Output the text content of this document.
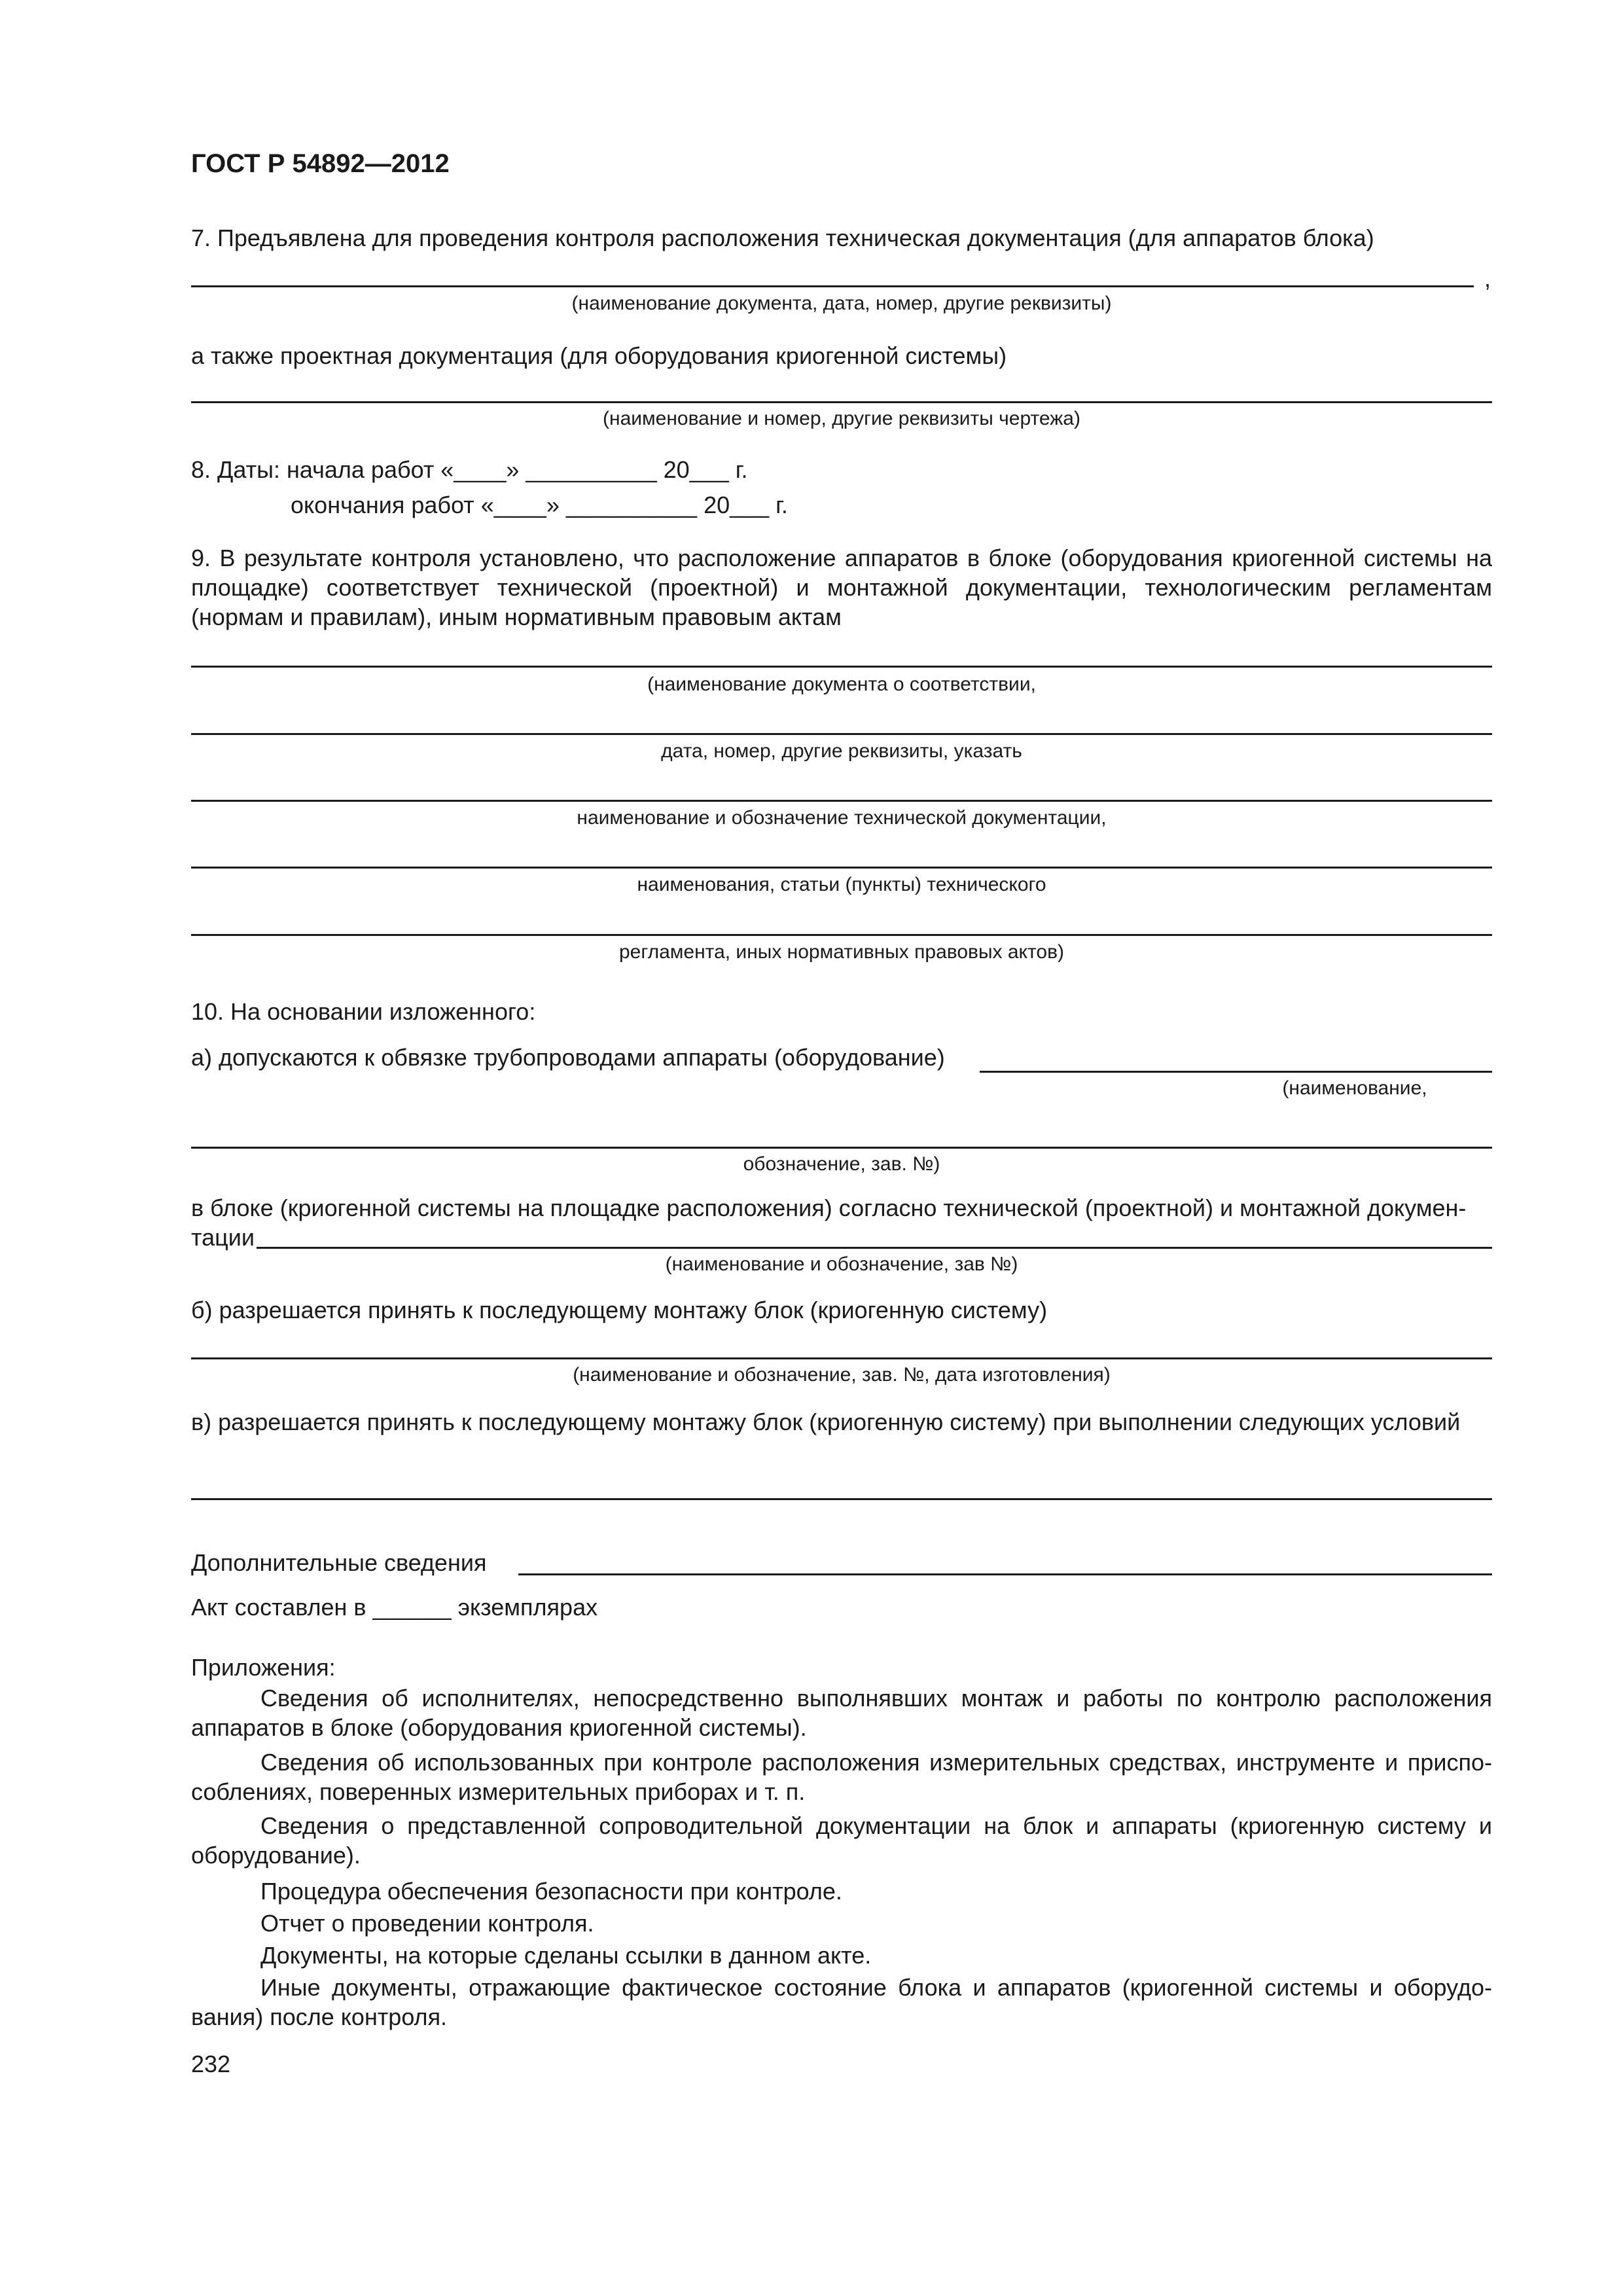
ГОСТ Р 54892—2012
7. Предъявлена для проведения контроля расположения техническая документация (для аппаратов блока)
,
(наименование документа, дата, номер, другие реквизиты)
а также проектная документация (для оборудования криогенной системы)
(наименование и номер, другие реквизиты чертежа)
8. Даты: начала работ «____» __________ 20___ г.
окончания работ «____» __________ 20___ г.
9. В результате контроля установлено, что расположение аппаратов в блоке (оборудования криогенной системы на площадке) соответствует технической (проектной) и монтажной документации, технологическим регламентам (нормам и правилам), иным нормативным правовым актам
(наименование документа о соответствии,
дата, номер, другие реквизиты, указать
наименование и обозначение технической документации,
наименования, статьи (пункты) технического
регламента, иных нормативных правовых актов)
10. На основании изложенного:
а) допускаются к обвязке трубопроводами аппараты (оборудование)
(наименование,
обозначение, зав. №)
в блоке (криогенной системы на площадке расположения) согласно технической (проектной) и монтажной докумен-
тации
(наименование и обозначение, зав №)
б) разрешается принять к последующему монтажу блок (криогенную систему)
(наименование и обозначение, зав. №, дата изготовления)
в) разрешается принять к последующему монтажу блок (криогенную систему) при выполнении следующих условий
Дополнительные сведения
Акт составлен в ______ экземплярах
Приложения:
Сведения об исполнителях, непосредственно выполнявших монтаж и работы по контролю расположения аппаратов в блоке (оборудования криогенной системы).
Сведения об использованных при контроле расположения измерительных средствах, инструменте и приспо-соблениях, поверенных измерительных приборах и т. п.
Сведения о представленной сопроводительной документации на блок и аппараты (криогенную систему и оборудование).
Процедура обеспечения безопасности при контроле.
Отчет о проведении контроля.
Документы, на которые сделаны ссылки в данном акте.
Иные документы, отражающие фактическое состояние блока и аппаратов (криогенной системы и оборудо-вания) после контроля.
232
